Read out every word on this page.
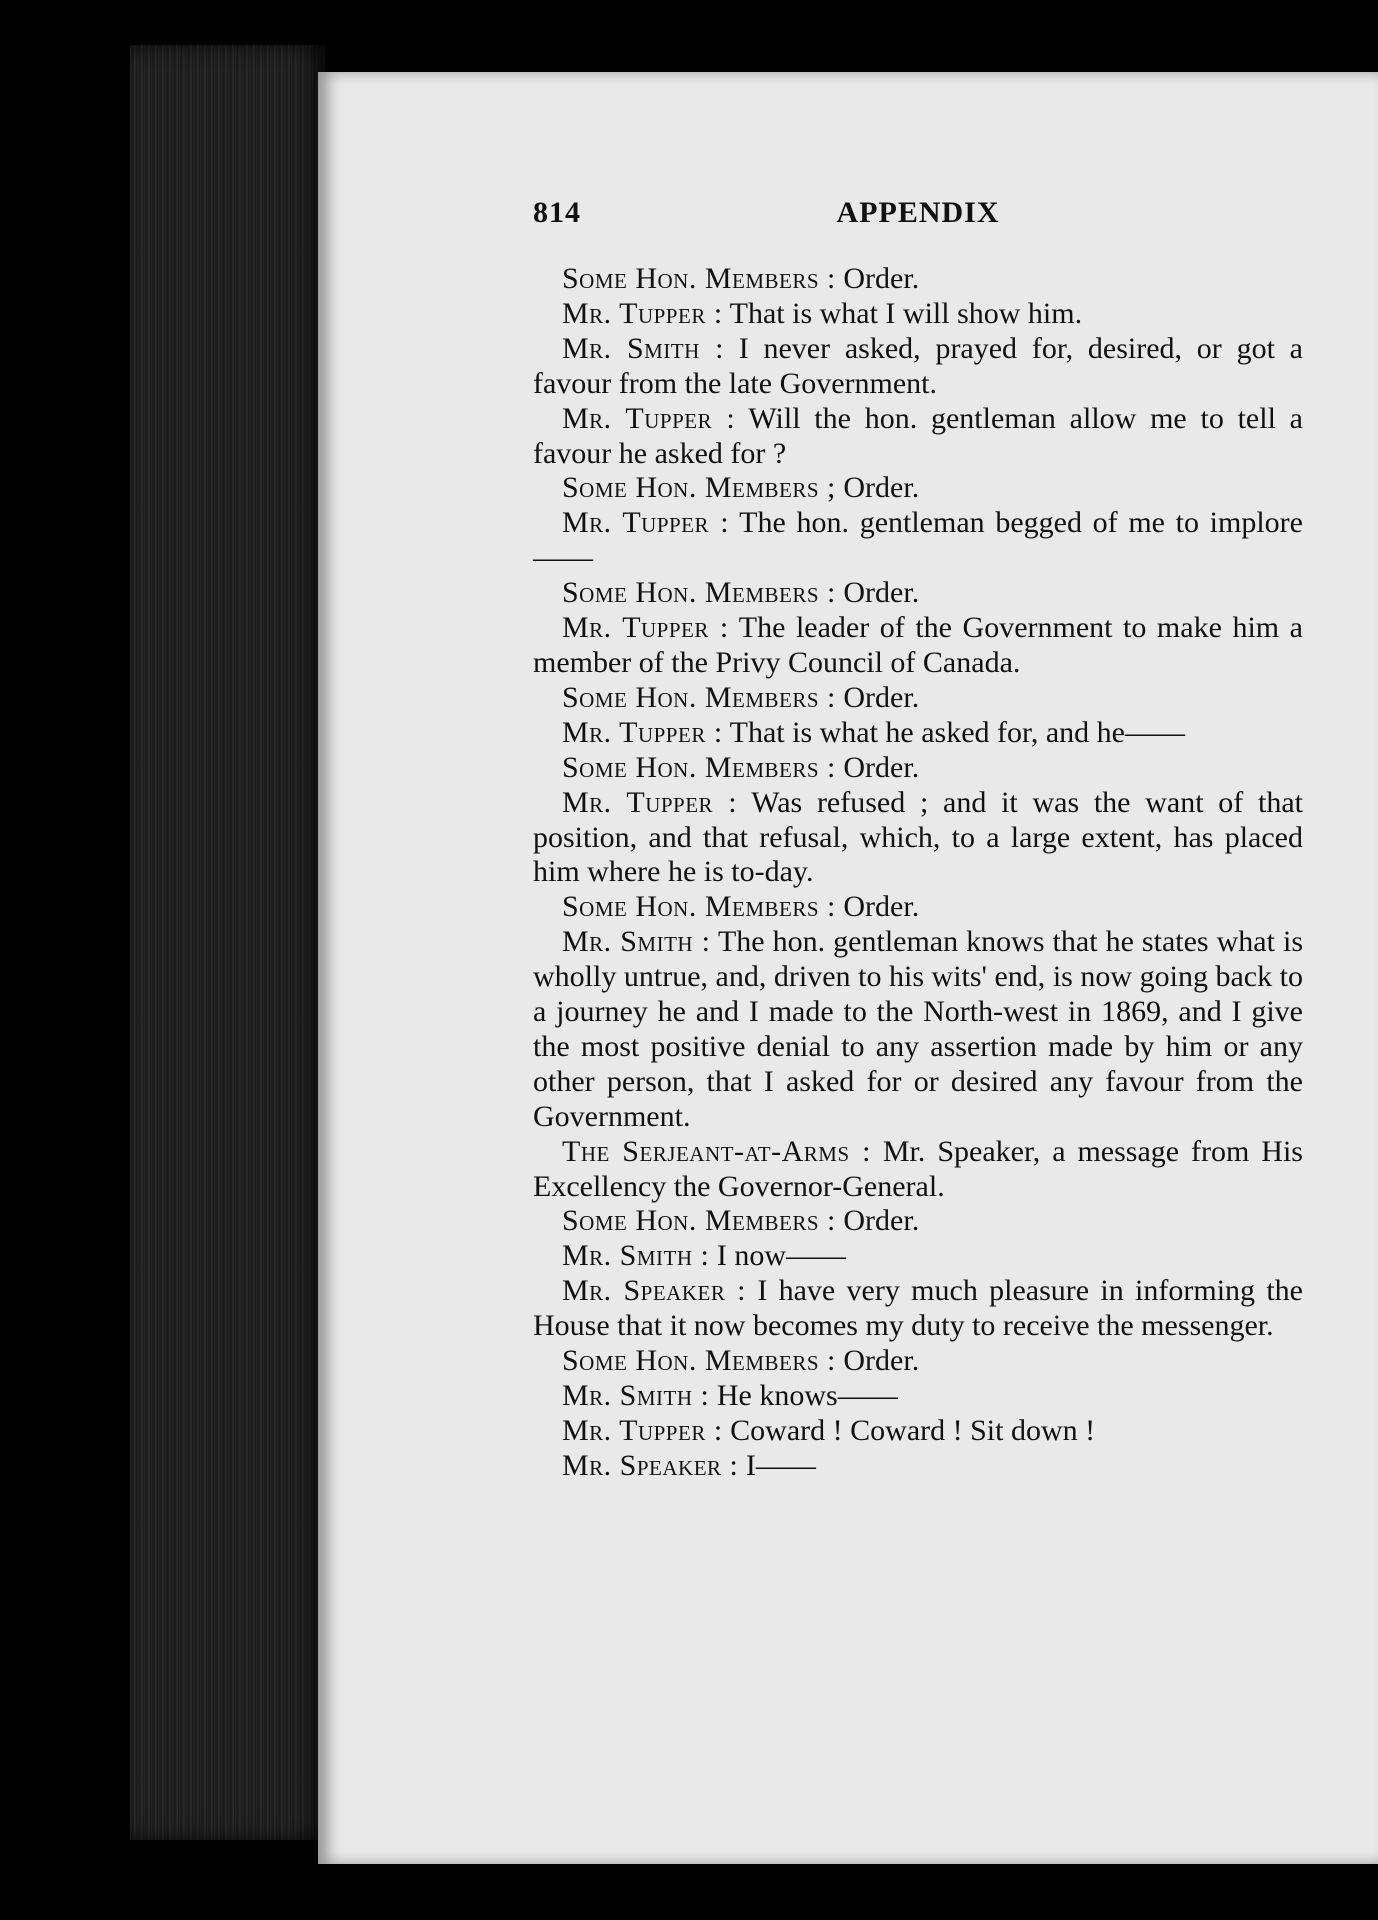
814	APPENDIX

Some Hon. Members : Order.

Mr. Tupper : That is what I will show him.

Mr. Smith : I never asked, prayed for, desired, or got a favour from the late Government.

Mr. Tupper : Will the hon. gentleman allow me to tell a favour he asked for ?

Some Hon. Members ; Order.

Mr. Tupper : The hon. gentleman begged of me to implore——

Some Hon. Members : Order.

Mr. Tupper : The leader of the Government to make him a member of the Privy Council of Canada.

Some Hon. Members : Order.

Mr. Tupper : That is what he asked for, and he——

Some Hon. Members : Order.

Mr. Tupper : Was refused ; and it was the want of that position, and that refusal, which, to a large extent, has placed him where he is to-day.

Some Hon. Members : Order.

Mr. Smith : The hon. gentleman knows that he states what is wholly untrue, and, driven to his wits' end, is now going back to a journey he and I made to the North-west in 1869, and I give the most positive denial to any assertion made by him or any other person, that I asked for or desired any favour from the Government.

The Serjeant-at-Arms : Mr. Speaker, a message from His Excellency the Governor-General.

Some Hon. Members : Order.

Mr. Smith : I now——

Mr. Speaker : I have very much pleasure in informing the House that it now becomes my duty to receive the messenger.

Some Hon. Members : Order.

Mr. Smith : He knows——

Mr. Tupper : Coward ! Coward ! Sit down !

Mr. Speaker : I——
